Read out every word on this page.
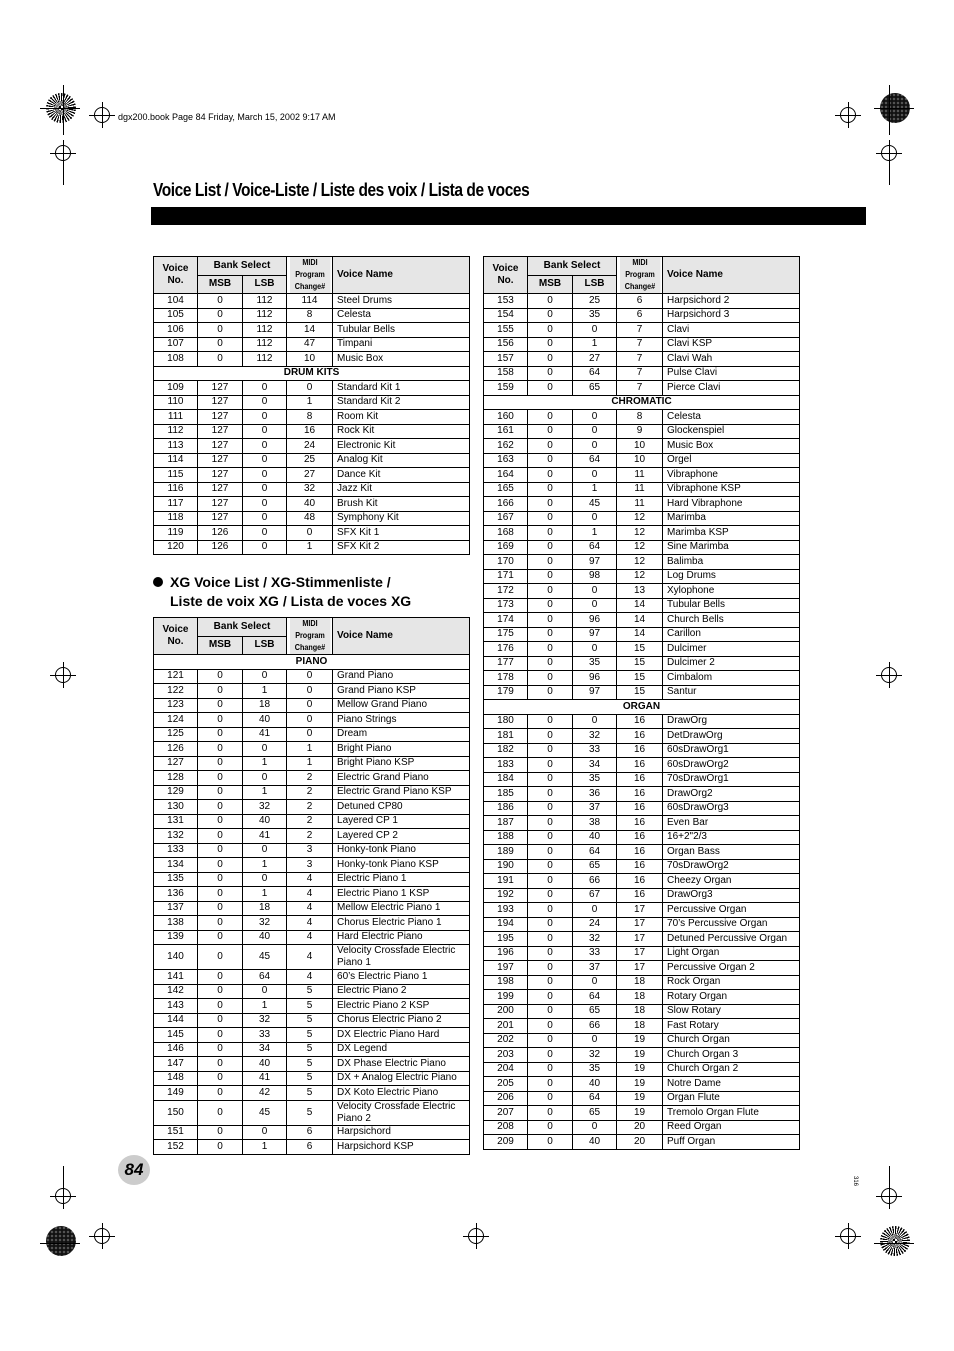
dgx200.book Page 84 Friday, March 15, 2002 9:17 AM
Voice List / Voice-Liste / Liste des voix / Lista de voces
Voice No.	Bank Select		MIDI Program Change#	Voice Name
	MSB	LSB		
104	0	112	114	Steel Drums
105	0	112	8	Celesta
106	0	112	14	Tubular Bells
107	0	112	47	Timpani
108	0	112	10	Music Box
DRUM KITS				
109	127	0	0	Standard Kit 1
110	127	0	1	Standard Kit 2
111	127	0	8	Room Kit
112	127	0	16	Rock Kit
113	127	0	24	Electronic Kit
114	127	0	25	Analog Kit
115	127	0	27	Dance Kit
116	127	0	32	Jazz Kit
117	127	0	40	Brush Kit
118	127	0	48	Symphony Kit
119	126	0	0	SFX Kit 1
120	126	0	1	SFX Kit 2
XG Voice List / XG-Stimmenliste /
Liste de voix XG / Lista de voces XG
Voice No.	Bank Select		MIDI Program Change#	Voice Name
	MSB	LSB		
PIANO				
121	0	0	0	Grand Piano
122	0	1	0	Grand Piano KSP
123	0	18	0	Mellow Grand Piano
124	0	40	0	Piano Strings
125	0	41	0	Dream
126	0	0	1	Bright Piano
127	0	1	1	Bright Piano KSP
128	0	0	2	Electric Grand Piano
129	0	1	2	Electric Grand Piano KSP
130	0	32	2	Detuned CP80
131	0	40	2	Layered CP 1
132	0	41	2	Layered CP 2
133	0	0	3	Honky-tonk Piano
134	0	1	3	Honky-tonk Piano KSP
135	0	0	4	Electric Piano 1
136	0	1	4	Electric Piano 1 KSP
137	0	18	4	Mellow Electric Piano 1
138	0	32	4	Chorus Electric Piano 1
139	0	40	4	Hard Electric Piano
140	0	45	4	Velocity Crossfade Electric Piano 1
141	0	64	4	60’s Electric Piano 1
142	0	0	5	Electric Piano 2
143	0	1	5	Electric Piano 2 KSP
144	0	32	5	Chorus Electric Piano 2
145	0	33	5	DX Electric Piano Hard
146	0	34	5	DX Legend
147	0	40	5	DX Phase Electric Piano
148	0	41	5	DX + Analog Electric Piano
149	0	42	5	DX Koto Electric Piano
150	0	45	5	Velocity Crossfade Electric Piano 2
151	0	0	6	Harpsichord
152	0	1	6	Harpsichord KSP
Voice No.	Bank Select		MIDI Program Change#	Voice Name
	MSB	LSB		
153	0	25	6	Harpsichord 2
154	0	35	6	Harpsichord 3
155	0	0	7	Clavi
156	0	1	7	Clavi KSP
157	0	27	7	Clavi Wah
158	0	64	7	Pulse Clavi
159	0	65	7	Pierce Clavi
CHROMATIC				
160	0	0	8	Celesta
161	0	0	9	Glockenspiel
162	0	0	10	Music Box
163	0	64	10	Orgel
164	0	0	11	Vibraphone
165	0	1	11	Vibraphone KSP
166	0	45	11	Hard Vibraphone
167	0	0	12	Marimba
168	0	1	12	Marimba KSP
169	0	64	12	Sine Marimba
170	0	97	12	Balimba
171	0	98	12	Log Drums
172	0	0	13	Xylophone
173	0	0	14	Tubular Bells
174	0	96	14	Church Bells
175	0	97	14	Carillon
176	0	0	15	Dulcimer
177	0	35	15	Dulcimer 2
178	0	96	15	Cimbalom
179	0	97	15	Santur
ORGAN				
180	0	0	16	DrawOrg
181	0	32	16	DetDrawOrg
182	0	33	16	60sDrawOrg1
183	0	34	16	60sDrawOrg2
184	0	35	16	70sDrawOrg1
185	0	36	16	DrawOrg2
186	0	37	16	60sDrawOrg3
187	0	38	16	Even Bar
188	0	40	16	16+2"2/3
189	0	64	16	Organ Bass
190	0	65	16	70sDrawOrg2
191	0	66	16	Cheezy Organ
192	0	67	16	DrawOrg3
193	0	0	17	Percussive Organ
194	0	24	17	70’s Percussive Organ
195	0	32	17	Detuned Percussive Organ
196	0	33	17	Light Organ
197	0	37	17	Percussive Organ 2
198	0	0	18	Rock Organ
199	0	64	18	Rotary Organ
200	0	65	18	Slow Rotary
201	0	66	18	Fast Rotary
202	0	0	19	Church Organ
203	0	32	19	Church Organ 3
204	0	35	19	Church Organ 2
205	0	40	19	Notre Dame
206	0	64	19	Organ Flute
207	0	65	19	Tremolo Organ Flute
208	0	0	20	Reed Organ
209	0	40	20	Puff Organ
84
316
